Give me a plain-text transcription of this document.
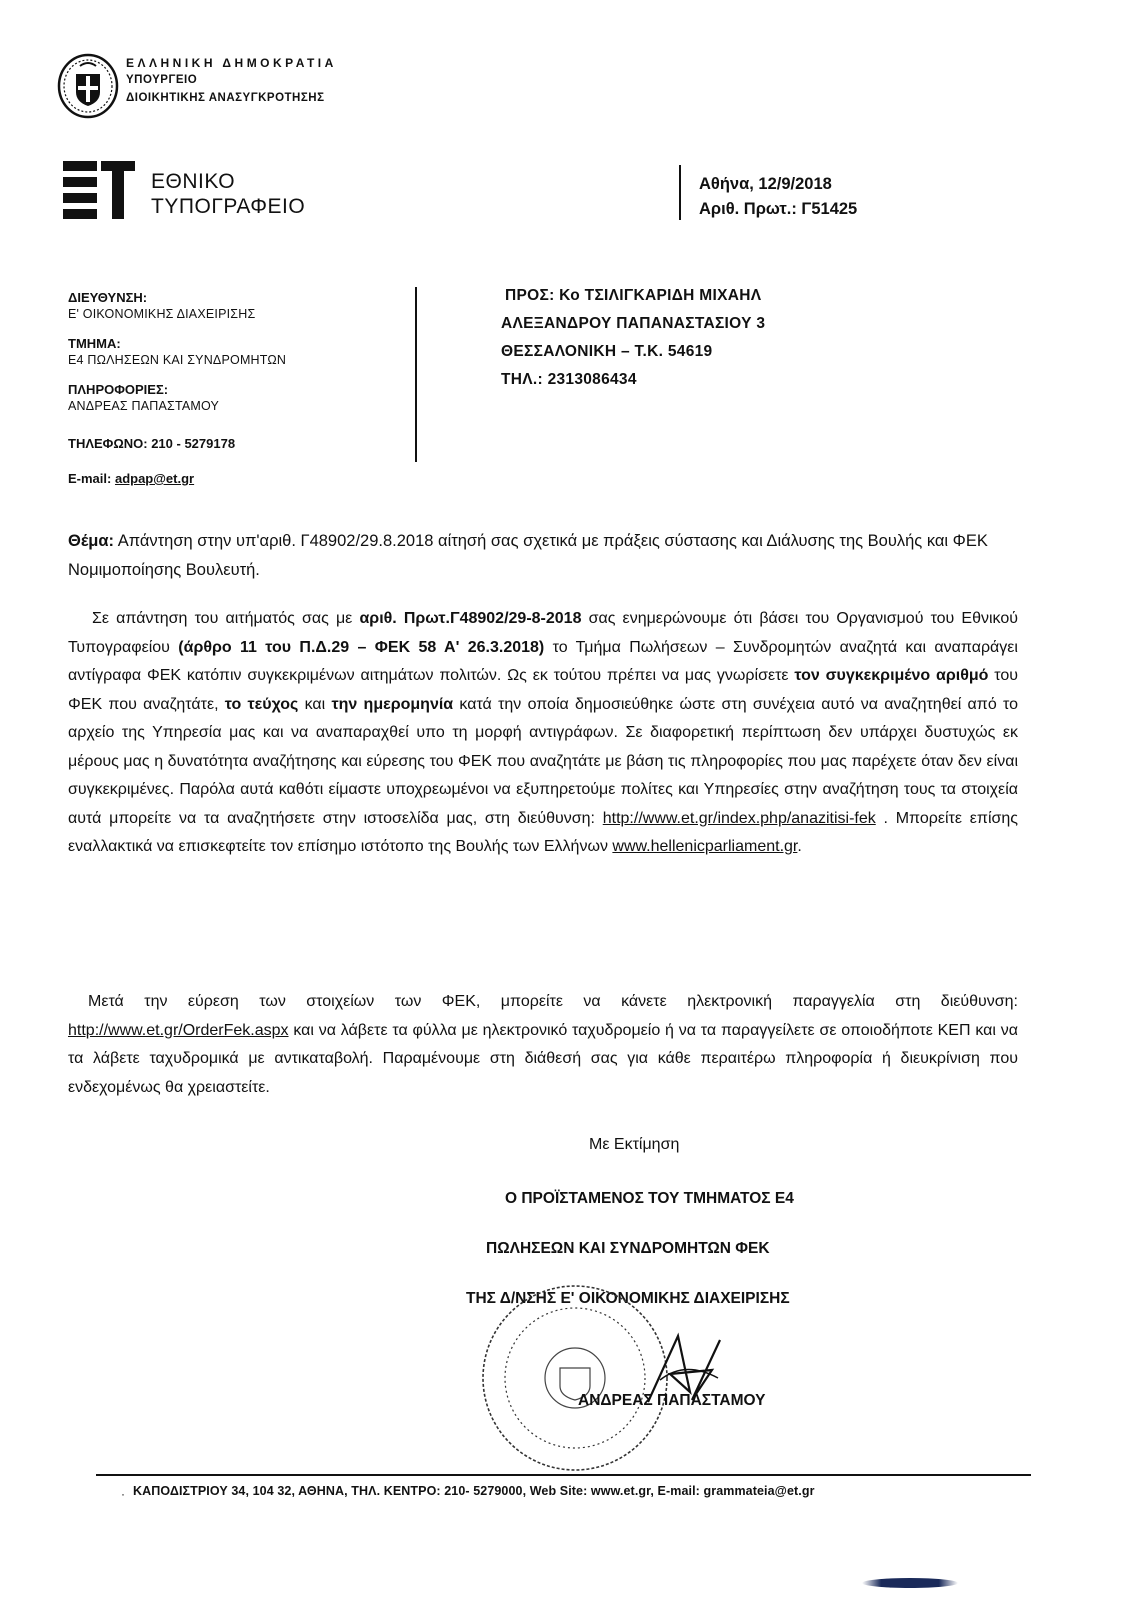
ΕΛΛΗΝΙΚΗ ΔΗΜΟΚΡΑΤΙΑ
ΥΠΟΥΡΓΕΙΟ
ΔΙΟΙΚΗΤΙΚΗΣ ΑΝΑΣΥΓΚΡΟΤΗΣΗΣ
ΕΘΝΙΚΟ
ΤΥΠΟΓΡΑΦΕΙΟ
Αθήνα, 12/9/2018
Αριθ. Πρωτ.: Γ51425
ΔΙΕΥΘΥΝΣΗ:
Ε' ΟΙΚΟΝΟΜΙΚΗΣ ΔΙΑΧΕΙΡΙΣΗΣ
ΤΜΗΜΑ:
Ε4 ΠΩΛΗΣΕΩΝ ΚΑΙ ΣΥΝΔΡΟΜΗΤΩΝ
ΠΛΗΡΟΦΟΡΙΕΣ:
ΑΝΔΡΕΑΣ ΠΑΠΑΣΤΑΜΟΥ
ΤΗΛΕΦΩΝΟ: 210 - 5279178
E-mail: adpap@et.gr
ΠΡΟΣ: Κο ΤΣΙΛΙΓΚΑΡΙΔΗ ΜΙΧΑΗΛ
ΑΛΕΞΑΝΔΡΟΥ ΠΑΠΑΝΑΣΤΑΣΙΟΥ 3
ΘΕΣΣΑΛΟΝΙΚΗ – Τ.Κ. 54619
ΤΗΛ.: 2313086434
Θέμα: Απάντηση στην υπ'αριθ. Γ48902/29.8.2018 αίτησή σας σχετικά με πράξεις σύστασης και Διάλυσης της Βουλής και ΦΕΚ Νομιμοποίησης Βουλευτή.
Σε απάντηση του αιτήματός σας με αριθ. Πρωτ.Γ48902/29-8-2018 σας ενημερώνουμε ότι βάσει του Οργανισμού του Εθνικού Τυπογραφείου (άρθρο 11 του Π.Δ.29 – ΦΕΚ 58 Α' 26.3.2018) το Τμήμα Πωλήσεων – Συνδρομητών αναζητά και αναπαράγει αντίγραφα ΦΕΚ κατόπιν συγκεκριμένων αιτημάτων πολιτών. Ως εκ τούτου πρέπει να μας γνωρίσετε τον συγκεκριμένο αριθμό του ΦΕΚ που αναζητάτε, το τεύχος και την ημερομηνία κατά την οποία δημοσιεύθηκε ώστε στη συνέχεια αυτό να αναζητηθεί από το αρχείο της Υπηρεσία μας και να αναπαραχθεί υπο τη μορφή αντιγράφων. Σε διαφορετική περίπτωση δεν υπάρχει δυστυχώς εκ μέρους μας η δυνατότητα αναζήτησης και εύρεσης του ΦΕΚ που αναζητάτε με βάση τις πληροφορίες που μας παρέχετε όταν δεν είναι συγκεκριμένες. Παρόλα αυτά καθότι είμαστε υποχρεωμένοι να εξυπηρετούμε πολίτες και Υπηρεσίες στην αναζήτηση τους τα στοιχεία αυτά μπορείτε να τα αναζητήσετε στην ιστοσελίδα μας, στη διεύθυνση: http://www.et.gr/index.php/anazitisi-fek . Μπορείτε επίσης εναλλακτικά να επισκεφτείτε τον επίσημο ιστότοπο της Βουλής των Ελλήνων www.hellenicparliament.gr.
Μετά την εύρεση των στοιχείων των ΦΕΚ, μπορείτε να κάνετε ηλεκτρονική παραγγελία στη διεύθυνση: http://www.et.gr/OrderFek.aspx και να λάβετε τα φύλλα με ηλεκτρονικό ταχυδρομείο ή να τα παραγγείλετε σε οποιοδήποτε ΚΕΠ και να τα λάβετε ταχυδρομικά με αντικαταβολή. Παραμένουμε στη διάθεσή σας για κάθε περαιτέρω πληροφορία ή διευκρίνιση που ενδεχομένως θα χρειαστείτε.
Με Εκτίμηση
Ο ΠΡΟΪΣΤΑΜΕΝΟΣ ΤΟΥ ΤΜΗΜΑΤΟΣ Ε4
ΠΩΛΗΣΕΩΝ ΚΑΙ ΣΥΝΔΡΟΜΗΤΩΝ ΦΕΚ
ΤΗΣ Δ/ΝΣΗΣ Ε' ΟΙΚΟΝΟΜΙΚΗΣ ΔΙΑΧΕΙΡΙΣΗΣ
ΑΝΔΡΕΑΣ ΠΑΠΑΣΤΑΜΟΥ
· ΚΑΠΟΔΙΣΤΡΙΟΥ 34, 104 32, ΑΘΗΝΑ, ΤΗΛ. ΚΕΝΤΡΟ: 210- 5279000, Web Site: www.et.gr, E-mail: grammateia@et.gr
